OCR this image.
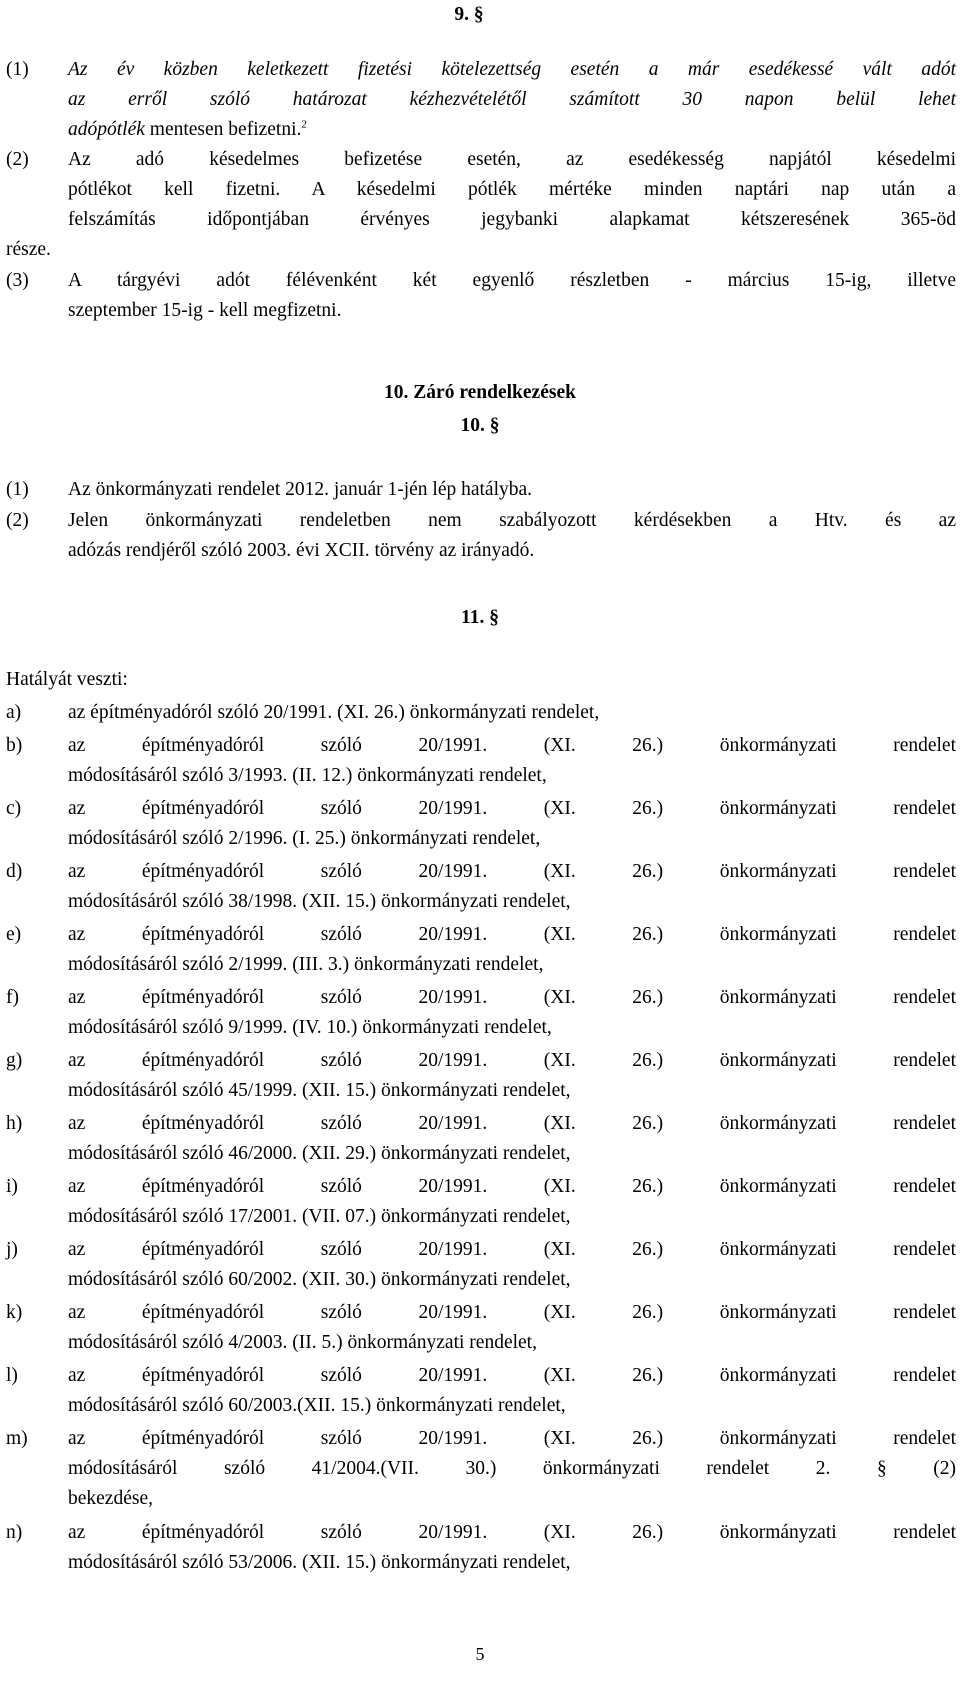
9. §
(1)	Az év közben keletkezett fizetési kötelezettség esetén a már esedékessé vált adót
az erről szóló határozat kézhezvételétől számított 30 napon belül lehet
adópótlék mentesen befizetni.$^2$
(2)	Az adó késedelmes befizetése esetén, az esedékesség napjától késedelmi
pótlékot kell fizetni. A késedelmi pótlék mértéke minden naptári nap után a
felszámítás időpontjában érvényes jegybanki alapkamat kétszeresének 365-öd
része.
(3)	A tárgyévi adót félévenként két egyenlő részletben - március 15-ig, illetve
szeptember 15-ig - kell megfizetni.
10. Záró rendelkezések
10. §
(1)	Az önkormányzati rendelet 2012. január 1-jén lép hatályba.
(2)	Jelen önkormányzati rendeletben nem szabályozott kérdésekben a Htv. és az
adózás rendjéről szóló 2003. évi XCII. törvény az irányadó.
11. §
Hatályát veszti:
a)	az építményadóról szóló 20/1991. (XI. 26.) önkormányzati rendelet,
b)	az építményadóról szóló 20/1991. (XI. 26.) önkormányzati rendelet
módosításáról szóló 3/1993. (II. 12.) önkormányzati rendelet,
c)	az építményadóról szóló 20/1991. (XI. 26.) önkormányzati rendelet
módosításáról szóló 2/1996. (I. 25.) önkormányzati rendelet,
d)	az építményadóról szóló 20/1991. (XI. 26.) önkormányzati rendelet
módosításáról szóló 38/1998. (XII. 15.) önkormányzati rendelet,
e)	az építményadóról szóló 20/1991. (XI. 26.) önkormányzati rendelet
módosításáról szóló 2/1999. (III. 3.) önkormányzati rendelet,
f)	az építményadóról szóló 20/1991. (XI. 26.) önkormányzati rendelet
módosításáról szóló 9/1999. (IV. 10.) önkormányzati rendelet,
g)	az építményadóról szóló 20/1991. (XI. 26.) önkormányzati rendelet
módosításáról szóló 45/1999. (XII. 15.) önkormányzati rendelet,
h)	az építményadóról szóló 20/1991. (XI. 26.) önkormányzati rendelet
módosításáról szóló 46/2000. (XII. 29.) önkormányzati rendelet,
i)	az építményadóról szóló 20/1991. (XI. 26.) önkormányzati rendelet
módosításáról szóló 17/2001. (VII. 07.) önkormányzati rendelet,
j)	az építményadóról szóló 20/1991. (XI. 26.) önkormányzati rendelet
módosításáról szóló 60/2002. (XII. 30.) önkormányzati rendelet,
k)	az építményadóról szóló 20/1991. (XI. 26.) önkormányzati rendelet
módosításáról szóló 4/2003. (II. 5.) önkormányzati rendelet,
l)	az építményadóról szóló 20/1991. (XI. 26.) önkormányzati rendelet
módosításáról szóló 60/2003.(XII. 15.) önkormányzati rendelet,
m)	az építményadóról szóló 20/1991. (XI. 26.) önkormányzati rendelet
módosításáról szóló 41/2004.(VII. 30.) önkormányzati rendelet 2. § (2)
bekezdése,
n)	az építményadóról szóló 20/1991. (XI. 26.) önkormányzati rendelet
módosításáról szóló 53/2006. (XII. 15.) önkormányzati rendelet,
5
